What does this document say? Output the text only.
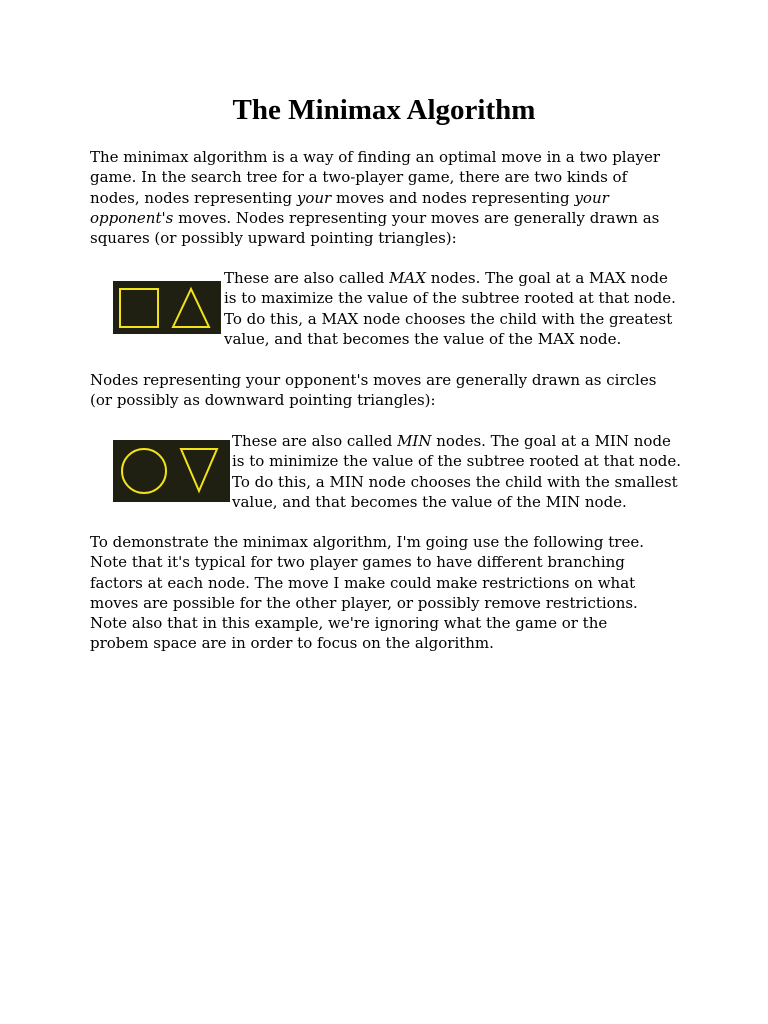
The Minimax Algorithm

The minimax algorithm is a way of finding an optimal move in a two player game. In the search tree for a two-player game, there are two kinds of nodes, nodes representing your moves and nodes representing your opponent's moves. Nodes representing your moves are generally drawn as squares (or possibly upward pointing triangles):

These are also called MAX nodes. The goal at a MAX node is to maximize the value of the subtree rooted at that node. To do this, a MAX node chooses the child with the greatest value, and that becomes the value of the MAX node.

Nodes representing your opponent's moves are generally drawn as circles (or possibly as downward pointing triangles):

These are also called MIN nodes. The goal at a MIN node is to minimize the value of the subtree rooted at that node. To do this, a MIN node chooses the child with the smallest value, and that becomes the value of the MIN node.

To demonstrate the minimax algorithm, I'm going use the following tree. Note that it's typical for two player games to have different branching factors at each node. The move I make could make restrictions on what moves are possible for the other player, or possibly remove restrictions. Note also that in this example, we're ignoring what the game or the probem space are in order to focus on the algorithm.
